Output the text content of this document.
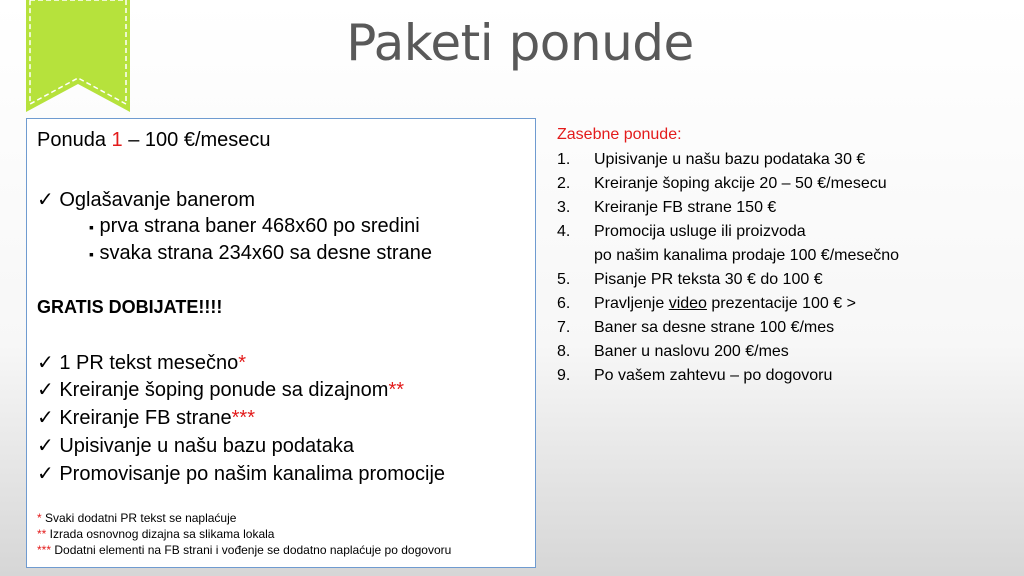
Paketi ponude
Ponuda 1 – 100 €/mesecu
✓ Oglašavanje banerom
▪ prva strana baner 468x60 po sredini
▪ svaka strana 234x60 sa desne strane
GRATIS DOBIJATE!!!!
✓ 1 PR tekst mesečno*
✓ Kreiranje šoping ponude sa dizajnom**
✓ Kreiranje FB strane***
✓ Upisivanje u našu bazu podataka
✓ Promovisanje po našim kanalima promocije
* Svaki dodatni PR tekst se naplaćuje
** Izrada osnovnog dizajna sa slikama lokala
*** Dodatni elementi na FB strani i vođenje se dodatno naplaćuje po dogovoru
Zasebne ponude:
1. Upisivanje u našu bazu podataka 30 €
2. Kreiranje šoping akcije 20 – 50 €/mesecu
3. Kreiranje FB strane 150 €
4. Promocija usluge ili proizvoda
po našim kanalima prodaje 100 €/mesečno
5. Pisanje PR teksta 30 € do 100 €
6. Pravljenje video prezentacije 100 € >
7. Baner sa desne strane 100 €/mes
8. Baner u naslovu 200 €/mes
9. Po vašem zahtevu – po dogovoru
